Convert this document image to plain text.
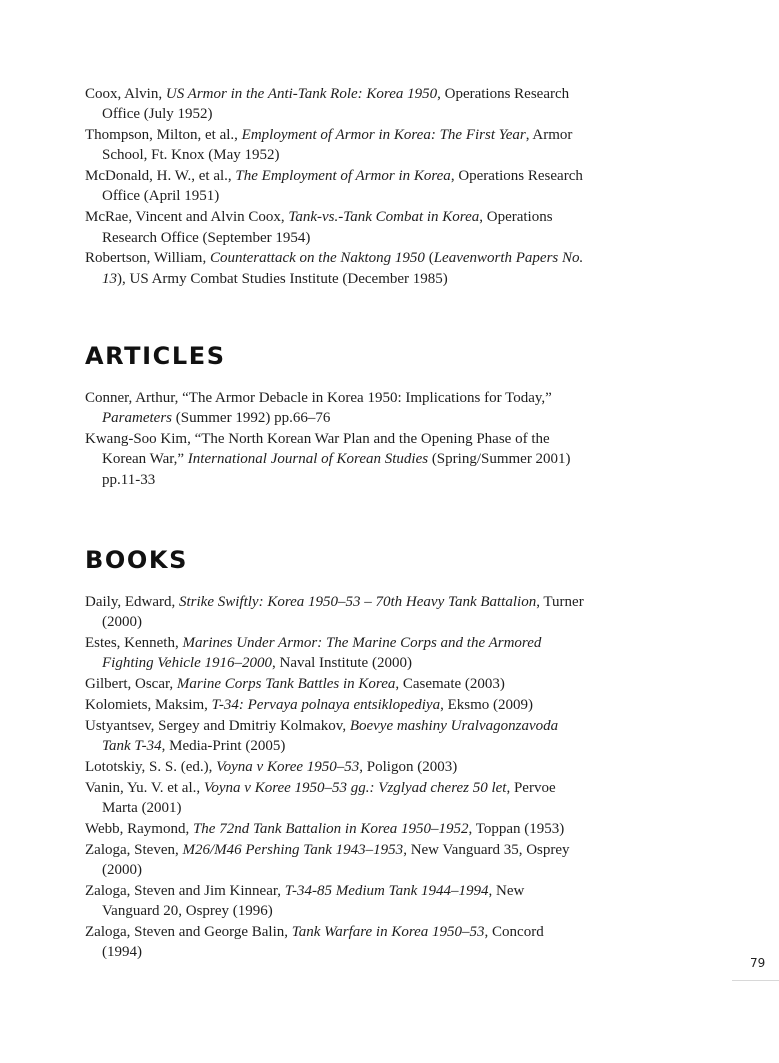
Coox, Alvin, US Armor in the Anti-Tank Role: Korea 1950, Operations Research Office (July 1952)

Thompson, Milton, et al., Employment of Armor in Korea: The First Year, Armor School, Ft. Knox (May 1952)

McDonald, H. W., et al., The Employment of Armor in Korea, Operations Research Office (April 1951)

McRae, Vincent and Alvin Coox, Tank-vs.-Tank Combat in Korea, Operations Research Office (September 1954)

Robertson, William, Counterattack on the Naktong 1950 (Leavenworth Papers No. 13), US Army Combat Studies Institute (December 1985)

ARTICLES

Conner, Arthur, “The Armor Debacle in Korea 1950: Implications for Today,” Parameters (Summer 1992) pp.66–76

Kwang-Soo Kim, “The North Korean War Plan and the Opening Phase of the Korean War,” International Journal of Korean Studies (Spring/Summer 2001) pp.11-33

BOOKS

Daily, Edward, Strike Swiftly: Korea 1950–53 – 70th Heavy Tank Battalion, Turner (2000)

Estes, Kenneth, Marines Under Armor: The Marine Corps and the Armored Fighting Vehicle 1916–2000, Naval Institute (2000)

Gilbert, Oscar, Marine Corps Tank Battles in Korea, Casemate (2003)

Kolomiets, Maksim, T-34: Pervaya polnaya entsiklopediya, Eksmo (2009)

Ustyantsev, Sergey and Dmitriy Kolmakov, Boevye mashiny Uralvagonzavoda Tank T-34, Media-Print (2005)

Lototskiy, S. S. (ed.), Voyna v Koree 1950–53, Poligon (2003)

Vanin, Yu. V. et al., Voyna v Koree 1950–53 gg.: Vzglyad cherez 50 let, Pervoe Marta (2001)

Webb, Raymond, The 72nd Tank Battalion in Korea 1950–1952, Toppan (1953)

Zaloga, Steven, M26/M46 Pershing Tank 1943–1953, New Vanguard 35, Osprey (2000)

Zaloga, Steven and Jim Kinnear, T-34-85 Medium Tank 1944–1994, New Vanguard 20, Osprey (1996)

Zaloga, Steven and George Balin, Tank Warfare in Korea 1950–53, Concord (1994)

79
